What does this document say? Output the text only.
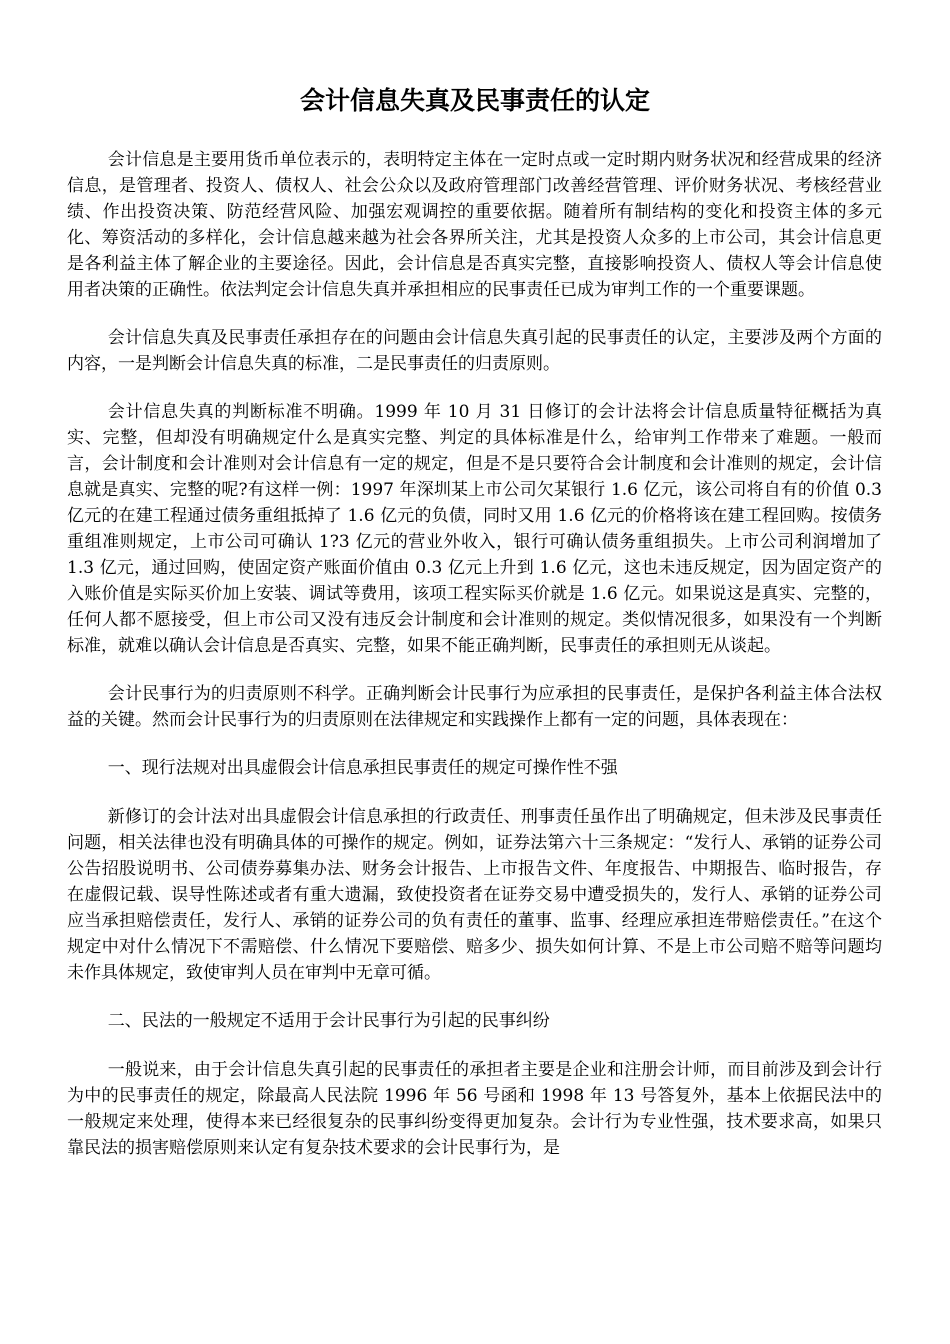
会计信息失真及民事责任的认定

会计信息是主要用货币单位表示的，表明特定主体在一定时点或一定时期内财务状况和经营成果的经济信息，是管理者、投资人、债权人、社会公众以及政府管理部门改善经营管理、评价财务状况、考核经营业绩、作出投资决策、防范经营风险、加强宏观调控的重要依据。随着所有制结构的变化和投资主体的多元化、筹资活动的多样化，会计信息越来越为社会各界所关注，尤其是投资人众多的上市公司，其会计信息更是各利益主体了解企业的主要途径。因此，会计信息是否真实完整，直接影响投资人、债权人等会计信息使用者决策的正确性。依法判定会计信息失真并承担相应的民事责任已成为审判工作的一个重要课题。

会计信息失真及民事责任承担存在的问题由会计信息失真引起的民事责任的认定，主要涉及两个方面的内容，一是判断会计信息失真的标准，二是民事责任的归责原则。

会计信息失真的判断标准不明确。1999 年 10 月 31 日修订的会计法将会计信息质量特征概括为真实、完整，但却没有明确规定什么是真实完整、判定的具体标准是什么，给审判工作带来了难题。一般而言，会计制度和会计准则对会计信息有一定的规定，但是不是只要符合会计制度和会计准则的规定，会计信息就是真实、完整的呢?有这样一例：1997 年深圳某上市公司欠某银行 1.6 亿元，该公司将自有的价值 0.3 亿元的在建工程通过债务重组抵掉了 1.6 亿元的负债，同时又用 1.6 亿元的价格将该在建工程回购。按债务重组准则规定，上市公司可确认 1?3 亿元的营业外收入，银行可确认债务重组损失。上市公司利润增加了 1.3 亿元，通过回购，使固定资产账面价值由 0.3 亿元上升到 1.6 亿元，这也未违反规定，因为固定资产的入账价值是实际买价加上安装、调试等费用，该项工程实际买价就是 1.6 亿元。如果说这是真实、完整的，任何人都不愿接受，但上市公司又没有违反会计制度和会计准则的规定。类似情况很多，如果没有一个判断标准，就难以确认会计信息是否真实、完整，如果不能正确判断，民事责任的承担则无从谈起。

会计民事行为的归责原则不科学。正确判断会计民事行为应承担的民事责任，是保护各利益主体合法权益的关键。然而会计民事行为的归责原则在法律规定和实践操作上都有一定的问题，具体表现在：

一、现行法规对出具虚假会计信息承担民事责任的规定可操作性不强

新修订的会计法对出具虚假会计信息承担的行政责任、刑事责任虽作出了明确规定，但未涉及民事责任问题，相关法律也没有明确具体的可操作的规定。例如，证券法第六十三条规定：“发行人、承销的证券公司公告招股说明书、公司债券募集办法、财务会计报告、上市报告文件、年度报告、中期报告、临时报告，存在虚假记载、误导性陈述或者有重大遗漏，致使投资者在证券交易中遭受损失的，发行人、承销的证券公司应当承担赔偿责任，发行人、承销的证券公司的负有责任的董事、监事、经理应承担连带赔偿责任。”在这个规定中对什么情况下不需赔偿、什么情况下要赔偿、赔多少、损失如何计算、不是上市公司赔不赔等问题均未作具体规定，致使审判人员在审判中无章可循。

二、民法的一般规定不适用于会计民事行为引起的民事纠纷

一般说来，由于会计信息失真引起的民事责任的承担者主要是企业和注册会计师，而目前涉及到会计行为中的民事责任的规定，除最高人民法院 1996 年 56 号函和 1998 年 13 号答复外，基本上依据民法中的一般规定来处理，使得本来已经很复杂的民事纠纷变得更加复杂。会计行为专业性强，技术要求高，如果只靠民法的损害赔偿原则来认定有复杂技术要求的会计民事行为，是
